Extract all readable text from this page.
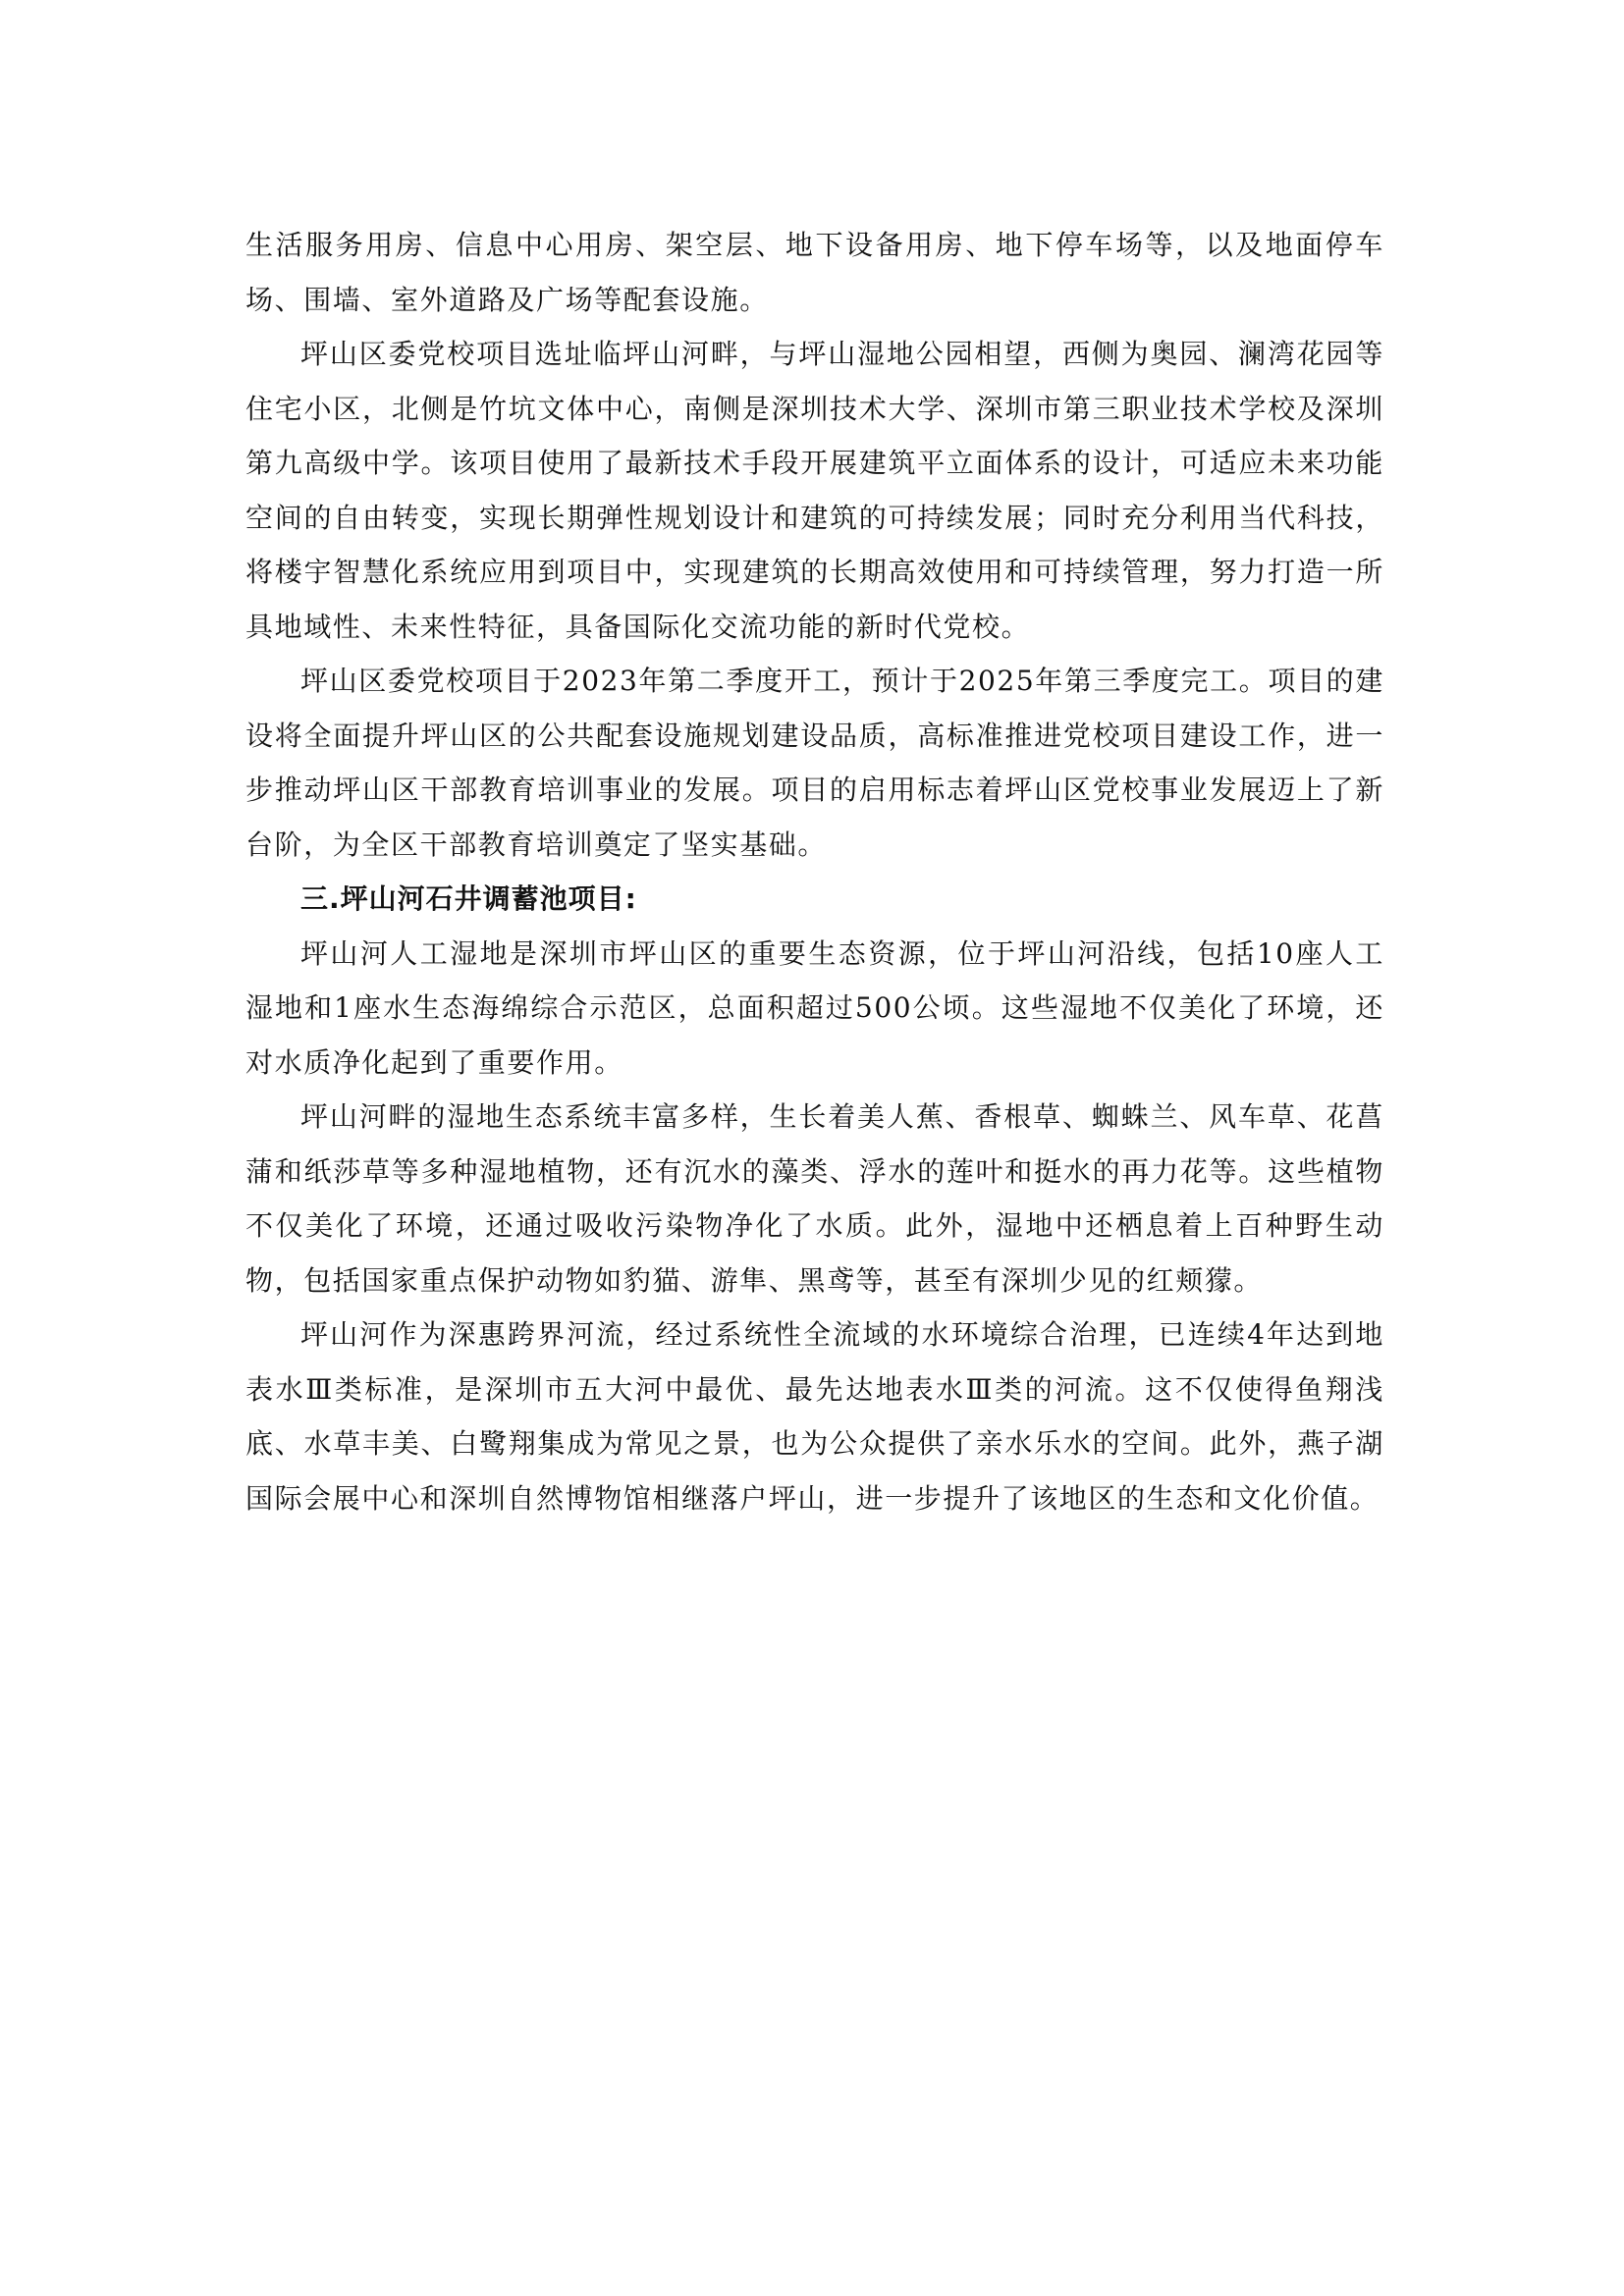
生活服务用房、信息中心用房、架空层、地下设备用房、地下停车场等，以及地面停车场、围墙、室外道路及广场等配套设施。

坪山区委党校项目选址临坪山河畔，与坪山湿地公园相望，西侧为奥园、澜湾花园等住宅小区，北侧是竹坑文体中心，南侧是深圳技术大学、深圳市第三职业技术学校及深圳第九高级中学。该项目使用了最新技术手段开展建筑平立面体系的设计，可适应未来功能空间的自由转变，实现长期弹性规划设计和建筑的可持续发展；同时充分利用当代科技，将楼宇智慧化系统应用到项目中，实现建筑的长期高效使用和可持续管理，努力打造一所具地域性、未来性特征，具备国际化交流功能的新时代党校。

坪山区委党校项目于2023年第二季度开工，预计于2025年第三季度完工。项目的建设将全面提升坪山区的公共配套设施规划建设品质，高标准推进党校项目建设工作，进一步推动坪山区干部教育培训事业的发展。项目的启用标志着坪山区党校事业发展迈上了新台阶，为全区干部教育培训奠定了坚实基础。

三.坪山河石井调蓄池项目:

坪山河人工湿地是深圳市坪山区的重要生态资源，位于坪山河沿线，包括10座人工湿地和1座水生态海绵综合示范区，总面积超过500公顷。这些湿地不仅美化了环境，还对水质净化起到了重要作用。

坪山河畔的湿地生态系统丰富多样，生长着美人蕉、香根草、蜘蛛兰、风车草、花菖蒲和纸莎草等多种湿地植物，还有沉水的藻类、浮水的莲叶和挺水的再力花等。这些植物不仅美化了环境，还通过吸收污染物净化了水质。此外，湿地中还栖息着上百种野生动物，包括国家重点保护动物如豹猫、游隼、黑鸢等，甚至有深圳少见的红颊獴。

坪山河作为深惠跨界河流，经过系统性全流域的水环境综合治理，已连续4年达到地表水Ⅲ类标准，是深圳市五大河中最优、最先达地表水Ⅲ类的河流。这不仅使得鱼翔浅底、水草丰美、白鹭翔集成为常见之景，也为公众提供了亲水乐水的空间。此外，燕子湖国际会展中心和深圳自然博物馆相继落户坪山，进一步提升了该地区的生态和文化价值。
